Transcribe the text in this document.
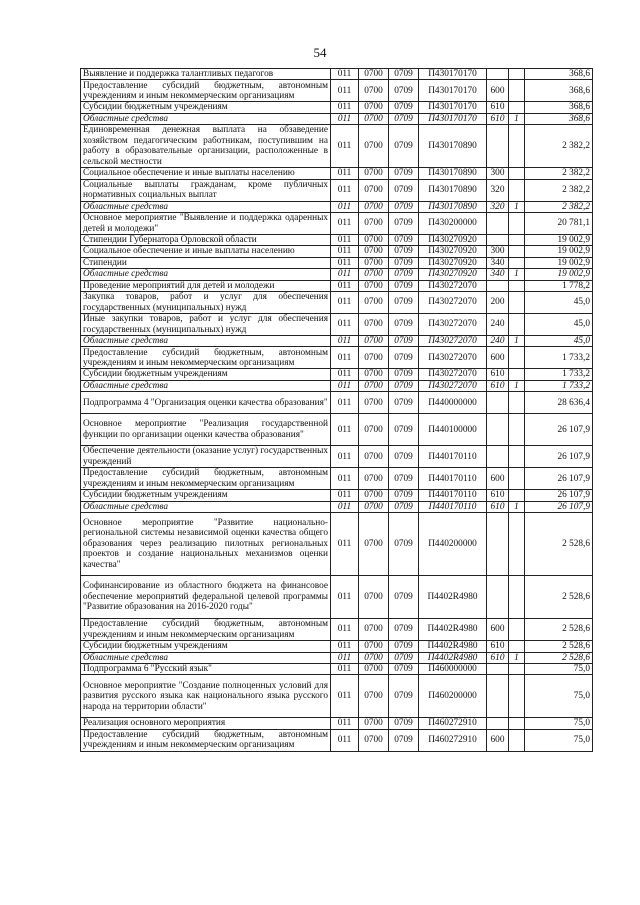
54
Выявление и поддержка талантливых педагогов	011	0700	0709	П430170170			368,6
Предоставление субсидий бюджетным, автономным учреждениям и иным некоммерческим организациям	011	0700	0709	П430170170	600		368,6
Субсидии бюджетным учреждениям	011	0700	0709	П430170170	610		368,6
Областные средства	011	0700	0709	П430170170	610	1	368,6
Единовременная денежная выплата на обзаведение хозяйством педагогическим работникам, поступившим на работу в образовательные организации, расположенные в сельской местности	011	0700	0709	П430170890			2 382,2
Социальное обеспечение и иные выплаты населению	011	0700	0709	П430170890	300		2 382,2
Социальные выплаты гражданам, кроме публичных нормативных социальных выплат	011	0700	0709	П430170890	320		2 382,2
Областные средства	011	0700	0709	П430170890	320	1	2 382,2
Основное мероприятие "Выявление и поддержка одаренных детей и молодежи"	011	0700	0709	П430200000			20 781,1
Стипендии Губернатора Орловской области	011	0700	0709	П430270920			19 002,9
Социальное обеспечение и иные выплаты населению	011	0700	0709	П430270920	300		19 002,9
Стипендии	011	0700	0709	П430270920	340		19 002,9
Областные средства	011	0700	0709	П430270920	340	1	19 002,9
Проведение мероприятий для детей и молодежи	011	0700	0709	П430272070			1 778,2
Закупка товаров, работ и услуг для обеспечения государственных (муниципальных) нужд	011	0700	0709	П430272070	200		45,0
Иные закупки товаров, работ и услуг для обеспечения государственных (муниципальных) нужд	011	0700	0709	П430272070	240		45,0
Областные средства	011	0700	0709	П430272070	240	1	45,0
Предоставление субсидий бюджетным, автономным учреждениям и иным некоммерческим организациям	011	0700	0709	П430272070	600		1 733,2
Субсидии бюджетным учреждениям	011	0700	0709	П430272070	610		1 733,2
Областные средства	011	0700	0709	П430272070	610	1	1 733,2
Подпрограмма 4 "Организация оценки качества образования"	011	0700	0709	П440000000			28 636,4
Основное мероприятие "Реализация государственной функции по организации оценки качества образования"	011	0700	0709	П440100000			26 107,9
Обеспечение деятельности (оказание услуг) государственных учреждений	011	0700	0709	П440170110			26 107,9
Предоставление субсидий бюджетным, автономным учреждениям и иным некоммерческим организациям	011	0700	0709	П440170110	600		26 107,9
Субсидии бюджетным учреждениям	011	0700	0709	П440170110	610		26 107,9
Областные средства	011	0700	0709	П440170110	610	1	26 107,9
Основное мероприятие "Развитие национально-региональной системы независимой оценки качества общего образования через реализацию пилотных региональных проектов и создание национальных механизмов оценки качества"	011	0700	0709	П440200000			2 528,6
Софинансирование из областного бюджета на финансовое обеспечение мероприятий федеральной целевой программы "Развитие образования на 2016-2020 годы"	011	0700	0709	П4402R4980			2 528,6
Предоставление субсидий бюджетным, автономным учреждениям и иным некоммерческим организациям	011	0700	0709	П4402R4980	600		2 528,6
Субсидии бюджетным учреждениям	011	0700	0709	П4402R4980	610		2 528,6
Областные средства	011	0700	0709	П4402R4980	610	1	2 528,6
Подпрограмма 6 "Русский язык"	011	0700	0709	П460000000			75,0
Основное мероприятие "Создание полноценных условий для развития русского языка как национального языка русского народа на территории области"	011	0700	0709	П460200000			75,0
Реализация основного мероприятия	011	0700	0709	П460272910			75,0
Предоставление субсидий бюджетным, автономным учреждениям и иным некоммерческим организациям	011	0700	0709	П460272910	600		75,0
